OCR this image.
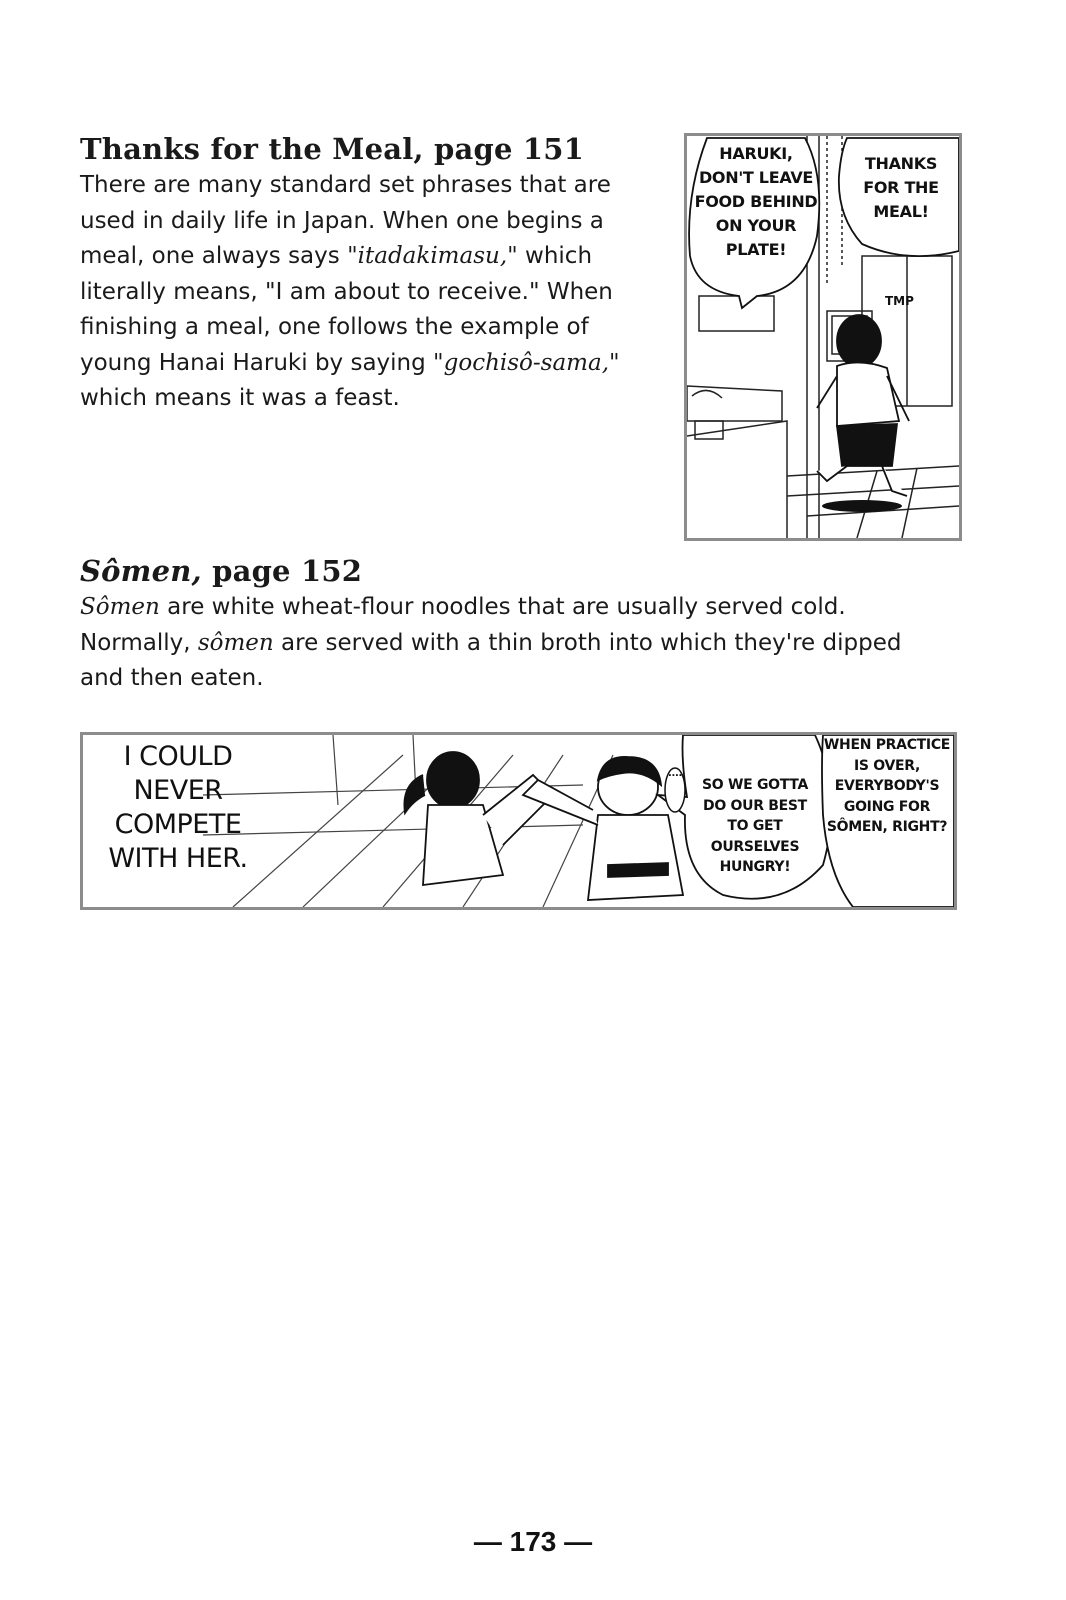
Thanks for the Meal, page 151

There are many standard set phrases that are used in daily life in Japan. When one begins a meal, one always says "itadakimasu," which literally means, "I am about to receive." When finishing a meal, one follows the example of young Hanai Haruki by saying "gochisô-sama," which means it was a feast.

HARUKI, DON'T LEAVE FOOD BEHIND ON YOUR PLATE!
THANKS FOR THE MEAL!
TMP
Sômen, page 152

Sômen are white wheat-flour noodles that are usually served cold. Normally, sômen are served with a thin broth into which they're dipped and then eaten.

I COULD NEVER COMPETE WITH HER.
....
SO WE GOTTA DO OUR BEST TO GET OURSELVES HUNGRY!
WHEN PRACTICE IS OVER, EVERYBODY'S GOING FOR SÔMEN, RIGHT?
— 173 —
